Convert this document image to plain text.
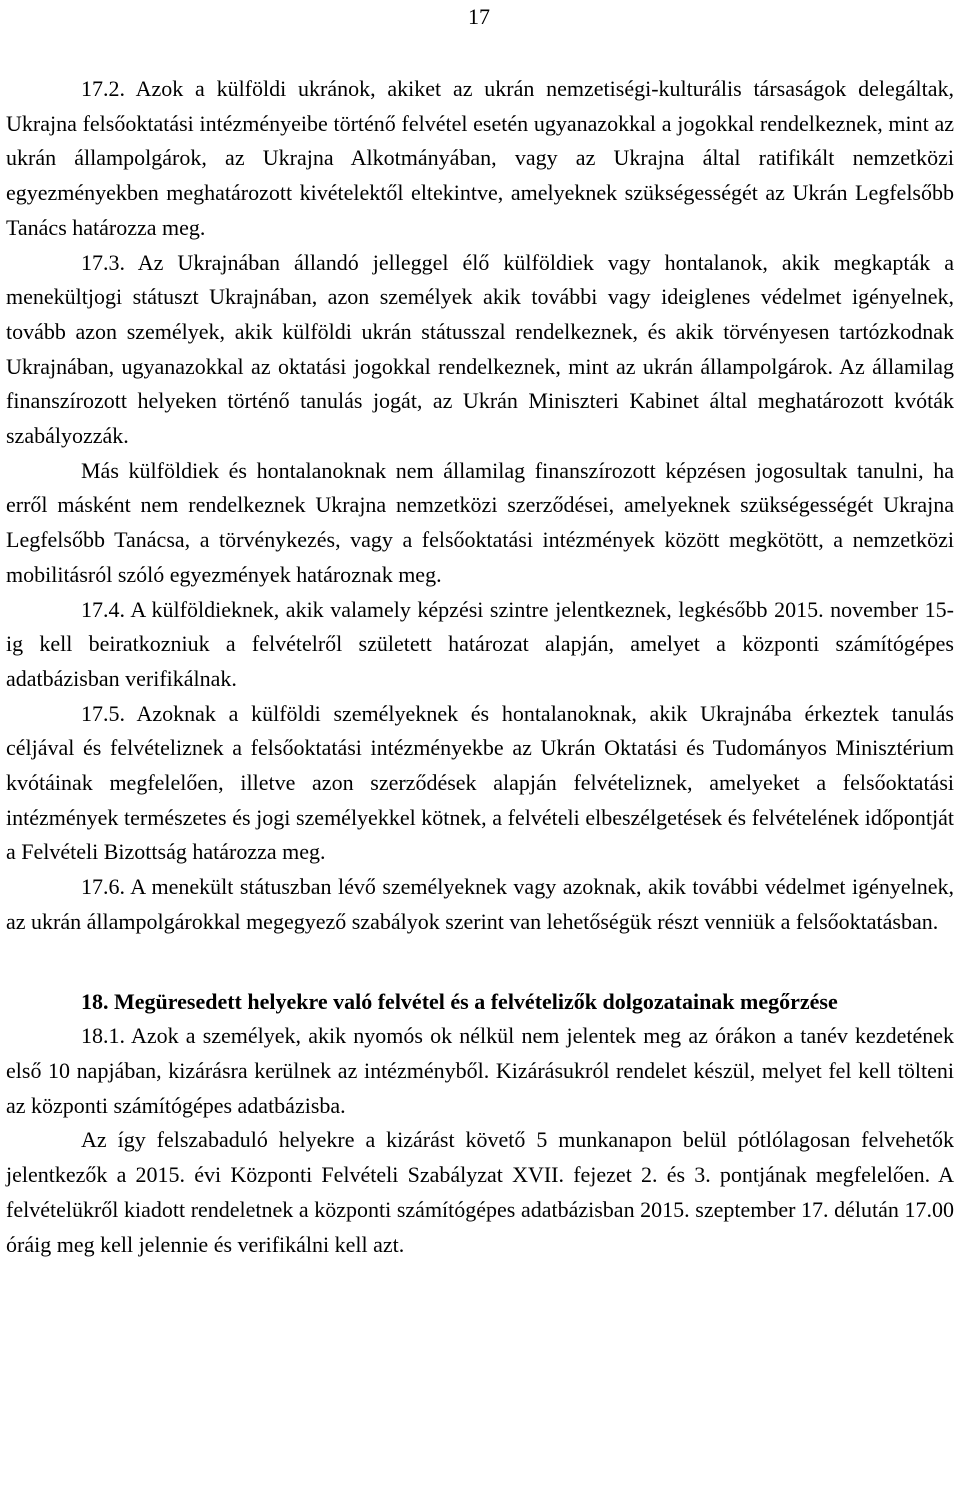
17

17.2. Azok a külföldi ukránok, akiket az ukrán nemzetiségi-kulturális társaságok delegáltak, Ukrajna felsőoktatási intézményeibe történő felvétel esetén ugyanazokkal a jogokkal rendelkeznek, mint az ukrán állampolgárok, az Ukrajna Alkotmányában, vagy az Ukrajna által ratifikált nemzetközi egyezményekben meghatározott kivételektől eltekintve, amelyeknek szükségességét az Ukrán Legfelsőbb Tanács határozza meg.

17.3. Az Ukrajnában állandó jelleggel élő külföldiek vagy hontalanok, akik megkapták a menekültjogi státuszt Ukrajnában, azon személyek akik további vagy ideiglenes védelmet igényelnek, tovább azon személyek, akik külföldi ukrán státusszal rendelkeznek, és akik törvényesen tartózkodnak Ukrajnában, ugyanazokkal az oktatási jogokkal rendelkeznek, mint az ukrán állampolgárok. Az államilag finanszírozott helyeken történő tanulás jogát, az Ukrán Miniszteri Kabinet által meghatározott kvóták szabályozzák.

Más külföldiek és hontalanoknak nem államilag finanszírozott képzésen jogosultak tanulni, ha erről másként nem rendelkeznek Ukrajna nemzetközi szerződései, amelyeknek szükségességét Ukrajna Legfelsőbb Tanácsa, a törvénykezés, vagy a felsőoktatási intézmények között megkötött, a nemzetközi mobilitásról szóló egyezmények határoznak meg.

17.4. A külföldieknek, akik valamely képzési szintre jelentkeznek, legkésőbb 2015. november 15-ig kell beiratkozniuk a felvételről született határozat alapján, amelyet a központi számítógépes adatbázisban verifikálnak.

17.5. Azoknak a külföldi személyeknek és hontalanoknak, akik Ukrajnába érkeztek tanulás céljával és felvételiznek a felsőoktatási intézményekbe az Ukrán Oktatási és Tudományos Minisztérium kvótáinak megfelelően, illetve azon szerződések alapján felvételiznek, amelyeket a felsőoktatási intézmények természetes és jogi személyekkel kötnek, a felvételi elbeszélgetések és felvételének időpontját a Felvételi Bizottság határozza meg.

17.6. A menekült státuszban lévő személyeknek vagy azoknak, akik további védelmet igényelnek, az ukrán állampolgárokkal megegyező szabályok szerint van lehetőségük részt venniük a felsőoktatásban.

18. Megüresedett helyekre való felvétel és a felvételizők dolgozatainak megőrzése

18.1. Azok a személyek, akik nyomós ok nélkül nem jelentek meg az órákon a tanév kezdetének első 10 napjában, kizárásra kerülnek az intézményből. Kizárásukról rendelet készül, melyet fel kell tölteni az központi számítógépes adatbázisba.

Az így felszabaduló helyekre a kizárást követő 5 munkanapon belül pótlólagosan felvehetők jelentkezők a 2015. évi Központi Felvételi Szabályzat XVII. fejezet 2. és 3. pontjának megfelelően. A felvételükről kiadott rendeletnek a központi számítógépes adatbázisban 2015. szeptember 17. délután 17.00 óráig meg kell jelennie és verifikálni kell azt.
